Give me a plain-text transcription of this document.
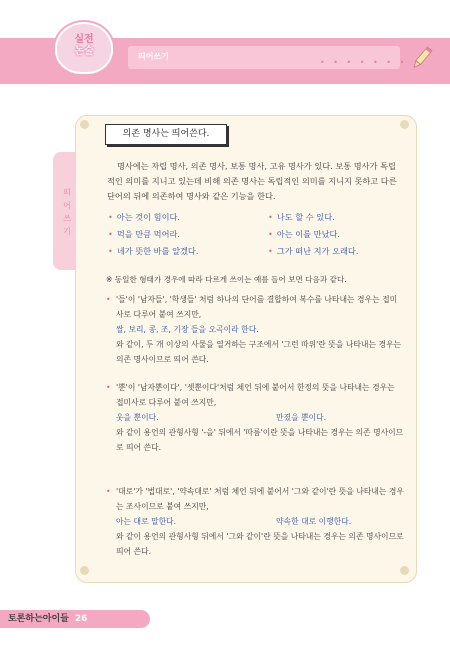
실전
논술	띄어쓰기
• • • • • • •
띄 어 쓰 기
의존 명사는 띄어쓴다.
명사에는 자립 명사, 의존 명사, 보통 명사, 고유 명사가 있다. 보통 명사가 독립적인 의미를 지니고 있는데 비해 의존 명사는 독립적인 의미를 지니지 못하고 다른 단어의 뒤에 의존하여 명사와 같은 기능을 한다.
• 아는 것이 힘이다.
• 먹을 만큼 먹어라.
• 네가 뜻한 바를 알겠다.
• 나도 할 수 있다.
• 아는 이를 만났다.
• 그가 떠난 지가 오래다.
※ 동일한 형태가 경우에 따라 다르게 쓰이는 예를 들어 보면 다음과 같다.
• '들'이 '남자들', '학생들' 처럼 하나의 단어를 결합하여 복수를 나타내는 경우는 접미사로 다루어 붙여 쓰지만,
쌀, 보리, 콩, 조, 기장 들을 오곡이라 한다.
와 같이, 두 개 이상의 사물을 열거하는 구조에서 '그런 따위'란 뜻을 나타내는 경우는 의존 명사이므로 띄어 쓴다.
• '뿐'이 '남자뿐이다', '셋뿐이다'처럼 체언 뒤에 붙어서 한정의 뜻을 나타내는 경우는 접미사로 다루어 붙여 쓰지만,
웃을 뿐이다.	만졌을 뿐이다.
와 같이 용언의 관형사형 '-을' 뒤에서 '따름'이란 뜻을 나타내는 경우는 의존 명사이므로 띄어 쓴다.
• '대로'가 '법대로', '약속대로' 처럼 체언 뒤에 붙어서 '그와 같이'란 뜻을 나타내는 경우는 조사이므로 붙여 쓰지만,
아는 대로 말한다.	약속한 대로 이행한다.
와 같이 용언의 관형사형 뒤에서 '그와 같이'란 뜻을 나타내는 경우는 의존 명사이므로 띄어 쓴다.
토론하는아이들 26
